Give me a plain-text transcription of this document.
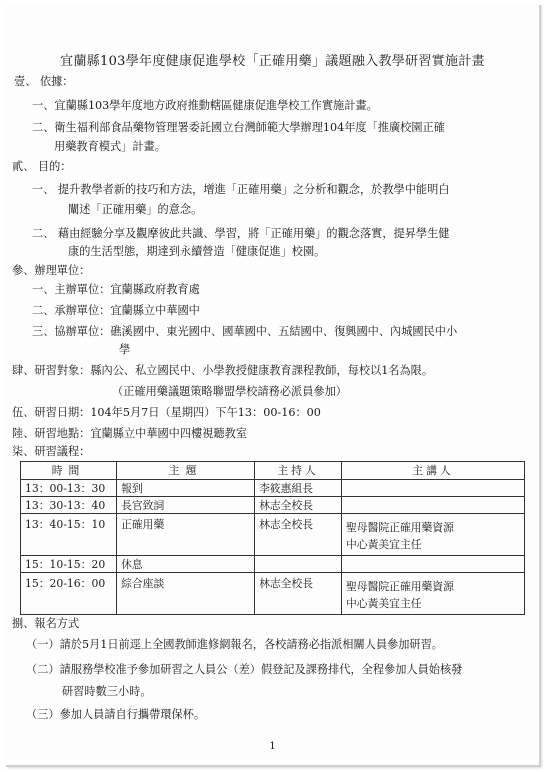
宜蘭縣103學年度健康促進學校「正確用藥」議題融入教學研習實施計畫
壹、 依據：
一、宜蘭縣103學年度地方政府推動轄區健康促進學校工作實施計畫。
二、衛生福利部食品藥物管理署委託國立台灣師範大學辦理104年度「推廣校園正確
用藥教育模式」計畫。
貳、 目的：
一、 提升教學者新的技巧和方法，增進「正確用藥」之分析和觀念，於教學中能明白
闡述「正確用藥」的意念。
二、 藉由經驗分享及觀摩彼此共識、學習，將「正確用藥」的觀念落實，提昇學生健
康的生活型態，期達到永續營造「健康促進」校園。
參、辦理單位：
一、主辦單位：宜蘭縣政府教育處
二、承辦單位：宜蘭縣立中華國中
三、協辦單位：礁溪國中、東光國中、國華國中、五結國中、復興國中、內城國民中小
學
肆、研習對象：縣內公、私立國民中、小學教授健康教育課程教師，每校以1名為限。
（正確用藥議題策略聯盟學校請務必派員參加）
伍、研習日期：104年5月7日（星期四）下午13：00-16：00
陸、研習地點：宜蘭縣立中華國中四樓視聽教室
柒、研習議程：
時間	主題	主持人	主講人
13：00-13：30	報到	李筱惠組長	
13：30-13：40	長官致詞	林志全校長	
13：40-15：10	正確用藥	林志全校長	聖母醫院正確用藥資源
中心黃美宜主任

15：10-15：20	休息		
15：20-16：00	綜合座談	林志全校長	聖母醫院正確用藥資源
中心黃美宜主任
捌、報名方式
（一）請於5月1日前逕上全國教師進修網報名，各校請務必指派相關人員參加研習。
（二）請服務學校准予參加研習之人員公（差）假登記及課務排代，全程參加人員始核發
研習時數三小時。
（三）參加人員請自行攜帶環保杯。
1
